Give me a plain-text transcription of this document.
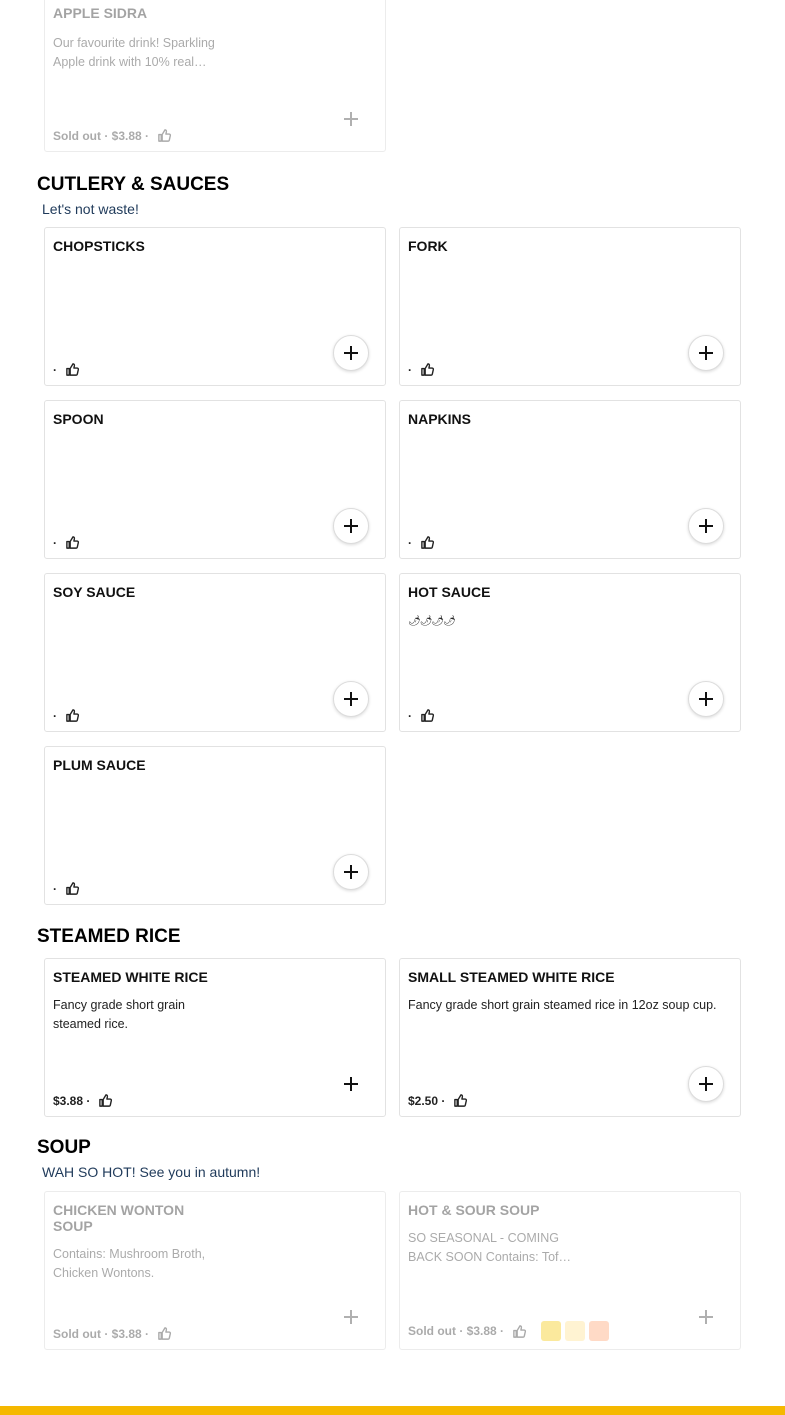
APPLE SIDRA
Our favourite drink! Sparkling Apple drink with 10% real…
Sold out · $3.88 ·
CUTLERY & SAUCES
Let's not waste!
CHOPSTICKS
·
FORK
·
SPOON
·
NAPKINS
·
SOY SAUCE
·
HOT SAUCE
🌶🌶🌶🌶
·
PLUM SAUCE
·
STEAMED RICE
STEAMED WHITE RICE
Fancy grade short grain steamed rice.
$3.88 ·
SMALL STEAMED WHITE RICE
Fancy grade short grain steamed rice in 12oz soup cup.
$2.50 ·
SOUP
WAH SO HOT! See you in autumn!
CHICKEN WONTON SOUP
Contains: Mushroom Broth, Chicken Wontons.
Sold out · $3.88 ·
HOT & SOUR SOUP
SO SEASONAL - COMING BACK SOON Contains: Tof…
Sold out · $3.88 ·
